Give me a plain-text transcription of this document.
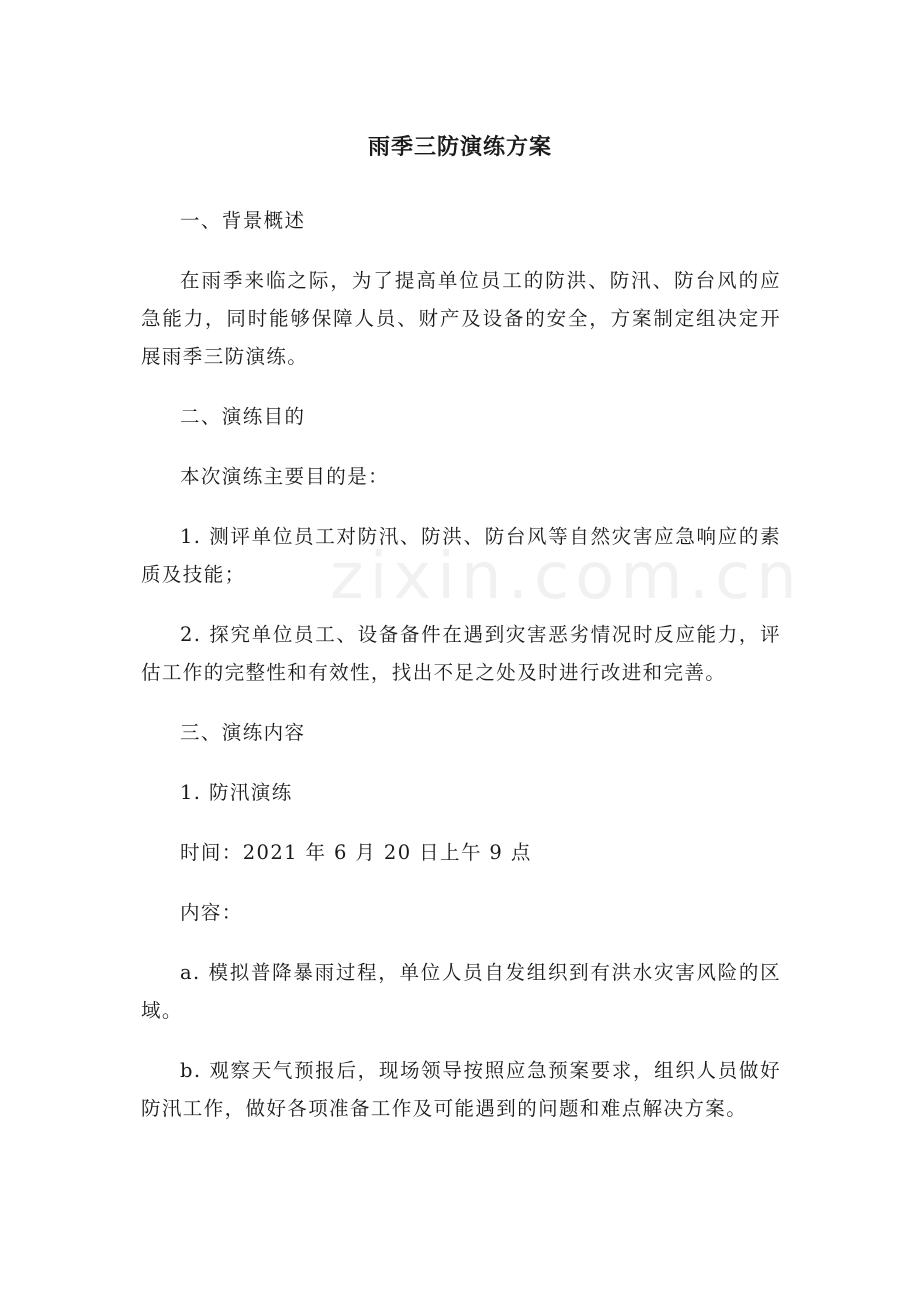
zixin.com.cn
雨季三防演练方案

一、背景概述

在雨季来临之际，为了提高单位员工的防洪、防汛、防台风的应急能力，同时能够保障人员、财产及设备的安全，方案制定组决定开展雨季三防演练。

二、演练目的

本次演练主要目的是：

1. 测评单位员工对防汛、防洪、防台风等自然灾害应急响应的素质及技能；

2. 探究单位员工、设备备件在遇到灾害恶劣情况时反应能力，评估工作的完整性和有效性，找出不足之处及时进行改进和完善。

三、演练内容

1. 防汛演练

时间：2021 年 6 月 20 日上午 9 点

内容：

a. 模拟普降暴雨过程，单位人员自发组织到有洪水灾害风险的区域。

b. 观察天气预报后，现场领导按照应急预案要求，组织人员做好防汛工作，做好各项准备工作及可能遇到的问题和难点解决方案。
